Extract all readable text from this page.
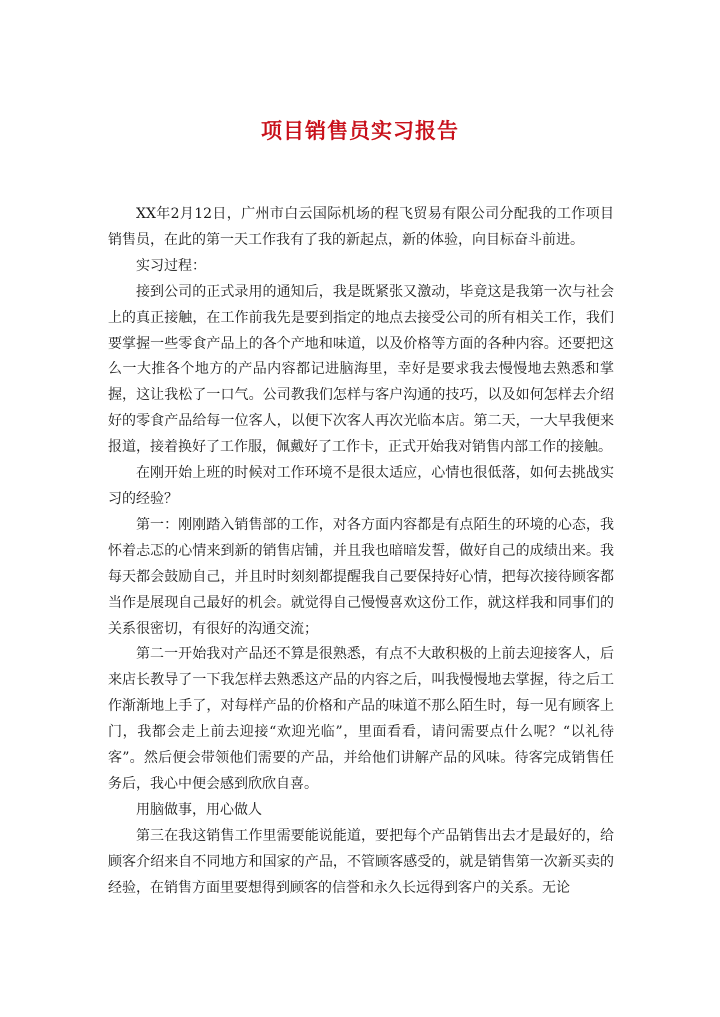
项目销售员实习报告

XX年2月12日，广州市白云国际机场的程飞贸易有限公司分配我的工作项目销售员，在此的第一天工作我有了我的新起点，新的体验，向目标奋斗前进。

实习过程：

接到公司的正式录用的通知后，我是既紧张又激动，毕竟这是我第一次与社会上的真正接触，在工作前我先是要到指定的地点去接受公司的所有相关工作，我们要掌握一些零食产品上的各个产地和味道，以及价格等方面的各种内容。还要把这么一大推各个地方的产品内容都记进脑海里，幸好是要求我去慢慢地去熟悉和掌握，这让我松了一口气。公司教我们怎样与客户沟通的技巧，以及如何怎样去介绍好的零食产品给每一位客人，以便下次客人再次光临本店。第二天，一大早我便来报道，接着换好了工作服，佩戴好了工作卡，正式开始我对销售内部工作的接触。

在刚开始上班的时候对工作环境不是很太适应，心情也很低落，如何去挑战实习的经验？

第一：刚刚踏入销售部的工作，对各方面内容都是有点陌生的环境的心态，我怀着忐忑的心情来到新的销售店铺，并且我也暗暗发誓，做好自己的成绩出来。我每天都会鼓励自己，并且时时刻刻都提醒我自己要保持好心情，把每次接待顾客都当作是展现自己最好的机会。就觉得自己慢慢喜欢这份工作，就这样我和同事们的关系很密切，有很好的沟通交流；

第二一开始我对产品还不算是很熟悉，有点不大敢积极的上前去迎接客人，后来店长教导了一下我怎样去熟悉这产品的内容之后，叫我慢慢地去掌握，待之后工作渐渐地上手了，对每样产品的价格和产品的味道不那么陌生时，每一见有顾客上门，我都会走上前去迎接“欢迎光临”，里面看看，请问需要点什么呢？“以礼待客”。然后便会带领他们需要的产品，并给他们讲解产品的风味。待客完成销售任务后，我心中便会感到欣欣自喜。

用脑做事，用心做人

第三在我这销售工作里需要能说能道，要把每个产品销售出去才是最好的，给顾客介绍来自不同地方和国家的产品，不管顾客感受的，就是销售第一次新买卖的经验，在销售方面里要想得到顾客的信誉和永久长远得到客户的关系。无论
